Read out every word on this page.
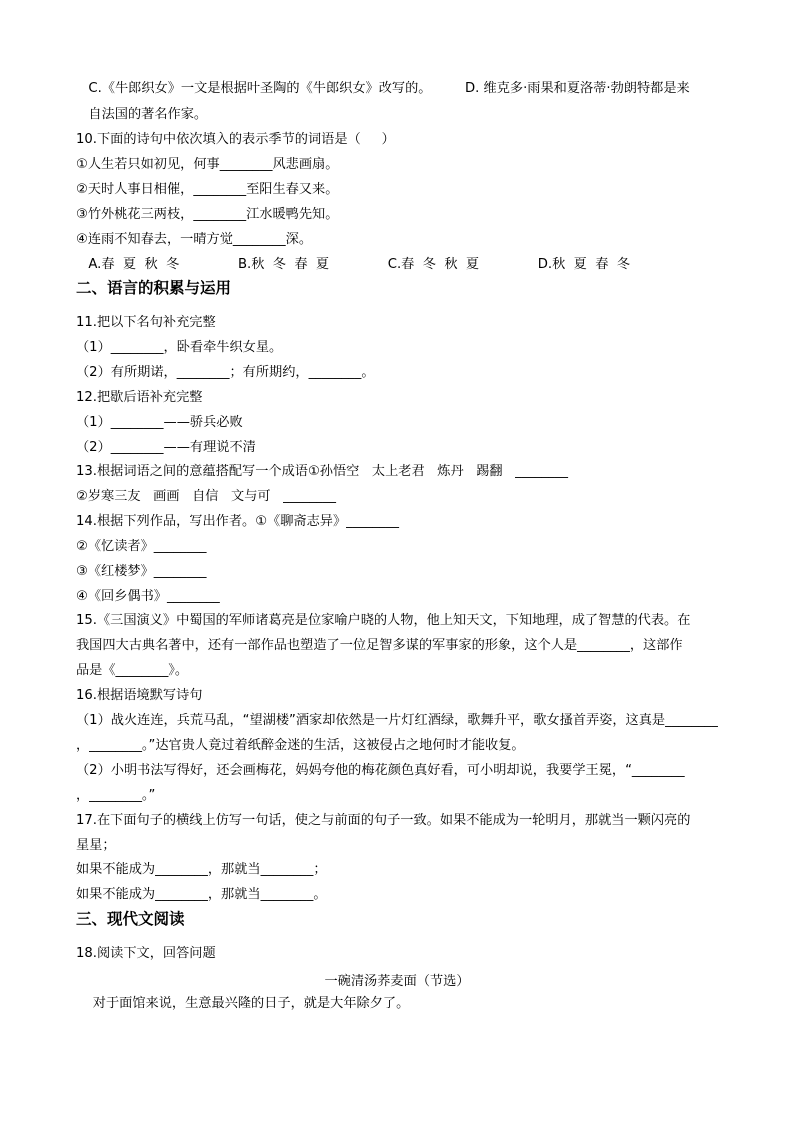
C.《牛郎织女》一文是根据叶圣陶的《牛郎织女》改写的。        D. 维克多·雨果和夏洛蒂·勃朗特都是来
自法国的著名作家。
10.下面的诗句中依次填入的表示季节的词语是（     ）
①人生若只如初见，何事________风悲画扇。
②天时人事日相催，________至阳生春又来。
③竹外桃花三两枝，________江水暖鸭先知。
④连雨不知春去，一晴方觉________深。
A.春  夏  秋  冬              B.秋  冬  春  夏              C.春  冬  秋  夏              D.秋  夏  春  冬
二、语言的积累与运用
11.把以下名句补充完整
（1）________，卧看牵牛织女星。
（2）有所期诺，________；有所期约，________。
12.把歇后语补充完整
（1）________——骄兵必败
（2）________——有理说不清
13.根据词语之间的意蕴搭配写一个成语①孙悟空   太上老君   炼丹   踢翻   ________
②岁寒三友   画画   自信   文与可   ________
14.根据下列作品，写出作者。①《聊斋志异》________
②《忆读者》________
③《红楼梦》________
④《回乡偶书》________
15.《三国演义》中蜀国的军师诸葛亮是位家喻户晓的人物，他上知天文，下知地理，成了智慧的代表。在
我国四大古典名著中，还有一部作品也塑造了一位足智多谋的军事家的形象，这个人是________，这部作
品是《________》。
16.根据语境默写诗句
（1）战火连连，兵荒马乱，“望湖楼”酒家却依然是一片灯红酒绿，歌舞升平，歌女搔首弄姿，这真是________
，________。”达官贵人竟过着纸醉金迷的生活，这被侵占之地何时才能收复。
（2）小明书法写得好，还会画梅花，妈妈夸他的梅花颜色真好看，可小明却说，我要学王冕，“________
，________。”
17.在下面句子的横线上仿写一句话，使之与前面的句子一致。如果不能成为一轮明月，那就当一颗闪亮的
星星；
如果不能成为________，那就当________；
如果不能成为________，那就当________。
三、现代文阅读
18.阅读下文，回答问题
一碗清汤荞麦面（节选）
对于面馆来说，生意最兴隆的日子，就是大年除夕了。
